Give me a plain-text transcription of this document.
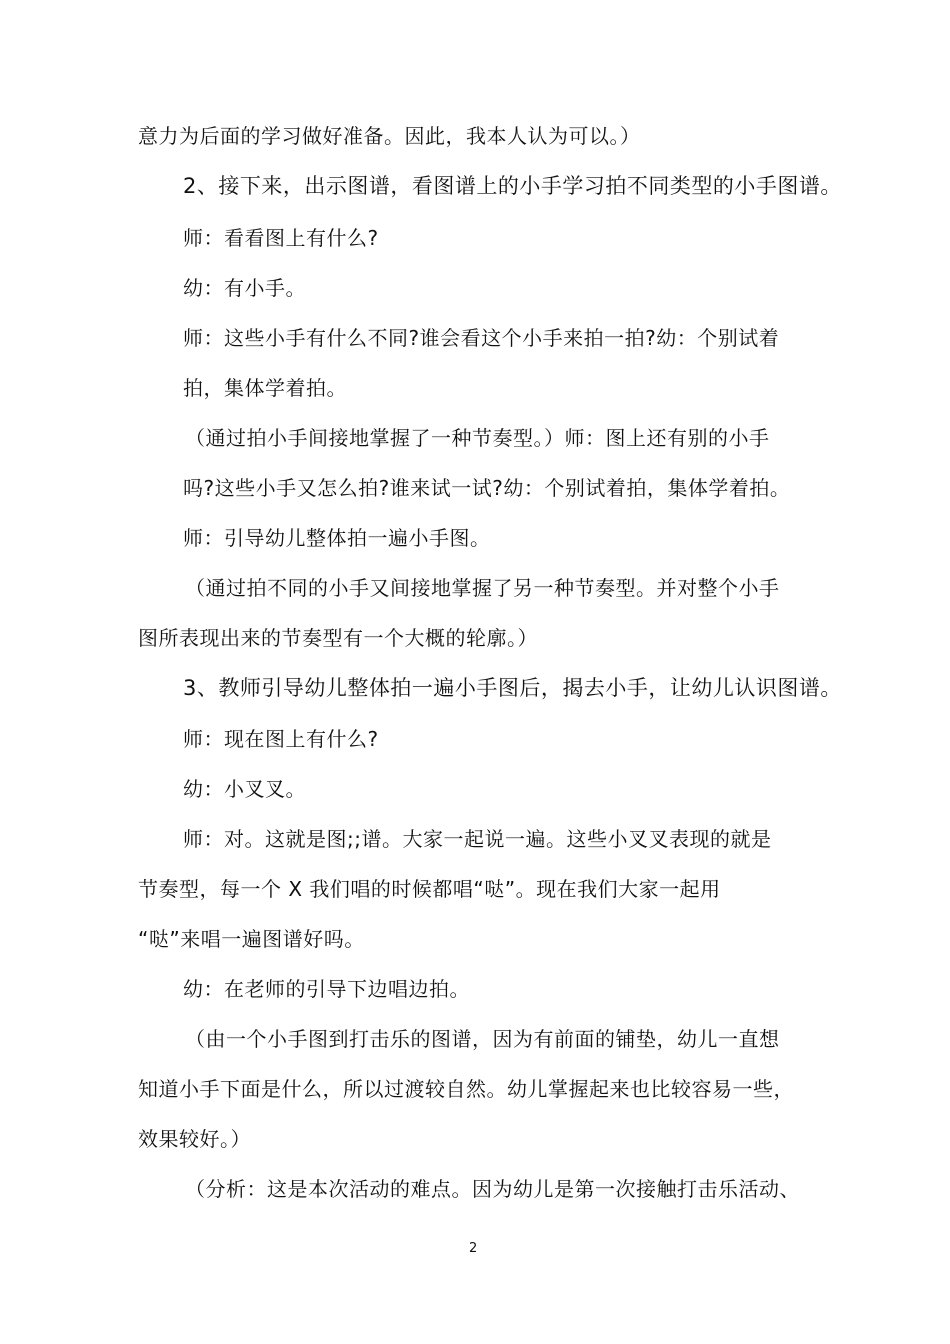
意力为后面的学习做好准备。因此，我本人认为可以。）
2、接下来，出示图谱，看图谱上的小手学习拍不同类型的小手图谱。
师：看看图上有什么?
幼：有小手。
师：这些小手有什么不同?谁会看这个小手来拍一拍?幼：个别试着
拍，集体学着拍。
（通过拍小手间接地掌握了一种节奏型。）师：图上还有别的小手
吗?这些小手又怎么拍?谁来试一试?幼：个别试着拍，集体学着拍。
师：引导幼儿整体拍一遍小手图。
（通过拍不同的小手又间接地掌握了另一种节奏型。并对整个小手
图所表现出来的节奏型有一个大概的轮廓。）
3、教师引导幼儿整体拍一遍小手图后，揭去小手，让幼儿认识图谱。
师：现在图上有什么?
幼：小叉叉。
师：对。这就是图;;谱。大家一起说一遍。这些小叉叉表现的就是
节奏型，每一个 X 我们唱的时候都唱“哒”。现在我们大家一起用
“哒”来唱一遍图谱好吗。
幼：在老师的引导下边唱边拍。
（由一个小手图到打击乐的图谱，因为有前面的铺垫，幼儿一直想
知道小手下面是什么，所以过渡较自然。幼儿掌握起来也比较容易一些，
效果较好。）
（分析：这是本次活动的难点。因为幼儿是第一次接触打击乐活动、
2
